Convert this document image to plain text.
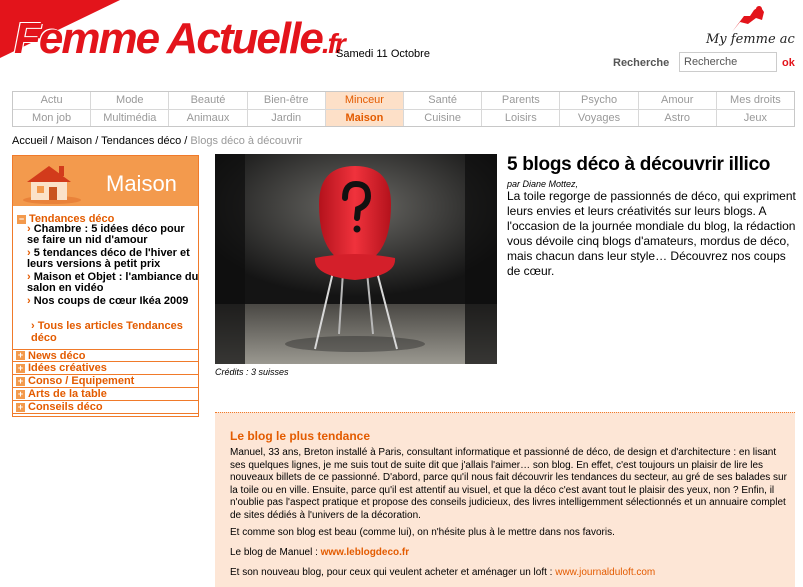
Femme Actuelle.fr
Samedi 11 Octobre
My femme ac
Recherche
Recherche	ok
Actu	Mode	Beauté	Bien-être	Minceur	Santé	Parents	Psycho	Amour	Mes droits
Mon job	Multimédia	Animaux	Jardin	Maison	Cuisine	Loisirs	Voyages	Astro	Jeux
Accueil / Maison / Tendances déco / Blogs déco à découvrir
Maison
− Tendances déco
› Chambre : 5 idées déco pour se faire un nid d'amour
› 5 tendances déco de l'hiver et leurs versions à petit prix
› Maison et Objet : l'ambiance du salon en vidéo
› Nos coups de cœur Ikéa 2009
› Tous les articles Tendances déco
+ News déco
+ Idées créatives
+ Conso / Equipement
+ Arts de la table
+ Conseils déco
Crédits : 3 suisses
5 blogs déco à découvrir illico
par Diane Mottez,
La toile regorge de passionnés de déco, qui expriment leurs envies et leurs créativités sur leurs blogs. A l'occasion de la journée mondiale du blog, la rédaction vous dévoile cinq blogs d'amateurs, mordus de déco, mais chacun dans leur style… Découvrez nos coups de cœur.
Le blog le plus tendance
Manuel, 33 ans, Breton installé à Paris, consultant informatique et passionné de déco, de design et d'architecture : en lisant ses quelques lignes, je me suis tout de suite dit que j'allais l'aimer… son blog. En effet, c'est toujours un plaisir de lire les nouveaux billets de ce passionné. D'abord, parce qu'il nous fait découvrir les tendances du secteur, au gré de ses balades sur la toile ou en ville. Ensuite, parce qu'il est attentif au visuel, et que la déco c'est avant tout le plaisir des yeux, non ? Enfin, il n'oublie pas l'aspect pratique et propose des conseils judicieux, des livres intelligemment sélectionnés et un annuaire complet de sites dédiés à l'univers de la décoration.
Et comme son blog est beau (comme lui), on n'hésite plus à le mettre dans nos favoris.
Le blog de Manuel : www.leblogdeco.fr
Et son nouveau blog, pour ceux qui veulent acheter et aménager un loft : www.journalduloft.com
